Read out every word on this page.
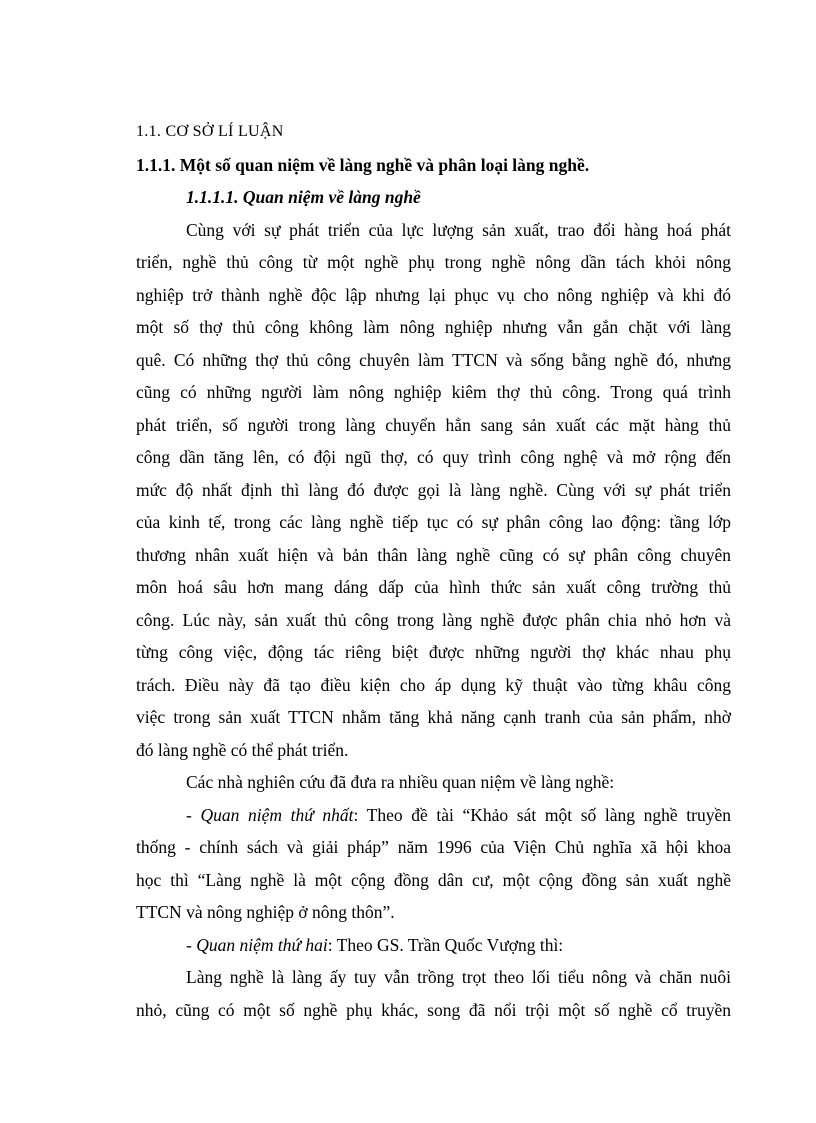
1.1. CƠ SỞ LÍ LUẬN
1.1.1. Một số quan niệm về làng nghề và phân loại làng nghề.
1.1.1.1. Quan niệm về làng nghề
Cùng với sự phát triển của lực lượng sản xuất, trao đổi hàng hoá phát
triển, nghề thủ công từ một nghề phụ trong nghề nông dần tách khỏi nông
nghiệp trở thành nghề độc lập nhưng lại phục vụ cho nông nghiệp và khi đó
một số thợ thủ công không làm nông nghiệp nhưng vẫn gắn chặt với làng
quê. Có những thợ thủ công chuyên làm TTCN và sống bằng nghề đó, nhưng
cũng có những người làm nông nghiệp kiêm thợ thủ công. Trong quá trình
phát triển, số người trong làng chuyển hẳn sang sản xuất các mặt hàng thủ
công dần tăng lên, có đội ngũ thợ, có quy trình công nghệ và mở rộng đến
mức độ nhất định thì làng đó được gọi là làng nghề. Cùng với sự phát triển
của kinh tế, trong các làng nghề tiếp tục có sự phân công lao động: tầng lớp
thương nhân xuất hiện và bản thân làng nghề cũng có sự phân công chuyên
môn hoá sâu hơn mang dáng dấp của hình thức sản xuất công trường thủ
công. Lúc này, sản xuất thủ công trong làng nghề được phân chia nhỏ hơn và
từng công việc, động tác riêng biệt được những người thợ khác nhau phụ
trách. Điều này đã tạo điều kiện cho áp dụng kỹ thuật vào từng khâu công
việc trong sản xuất TTCN nhằm tăng khả năng cạnh tranh của sản phẩm, nhờ
đó làng nghề có thể phát triển.
Các nhà nghiên cứu đã đưa ra nhiều quan niệm về làng nghề:
- Quan niệm thứ nhất: Theo đề tài “Khảo sát một số làng nghề truyền
thống - chính sách và giải pháp” năm 1996 của Viện Chủ nghĩa xã hội khoa
học thì “Làng nghề là một cộng đồng dân cư, một cộng đồng sản xuất nghề
TTCN và nông nghiệp ở nông thôn”.
- Quan niệm thứ hai: Theo GS. Trần Quốc Vượng thì:
Làng nghề là làng ấy tuy vẫn trồng trọt theo lối tiểu nông và chăn nuôi
nhỏ, cũng có một số nghề phụ khác, song đã nổi trội một số nghề cổ truyền
